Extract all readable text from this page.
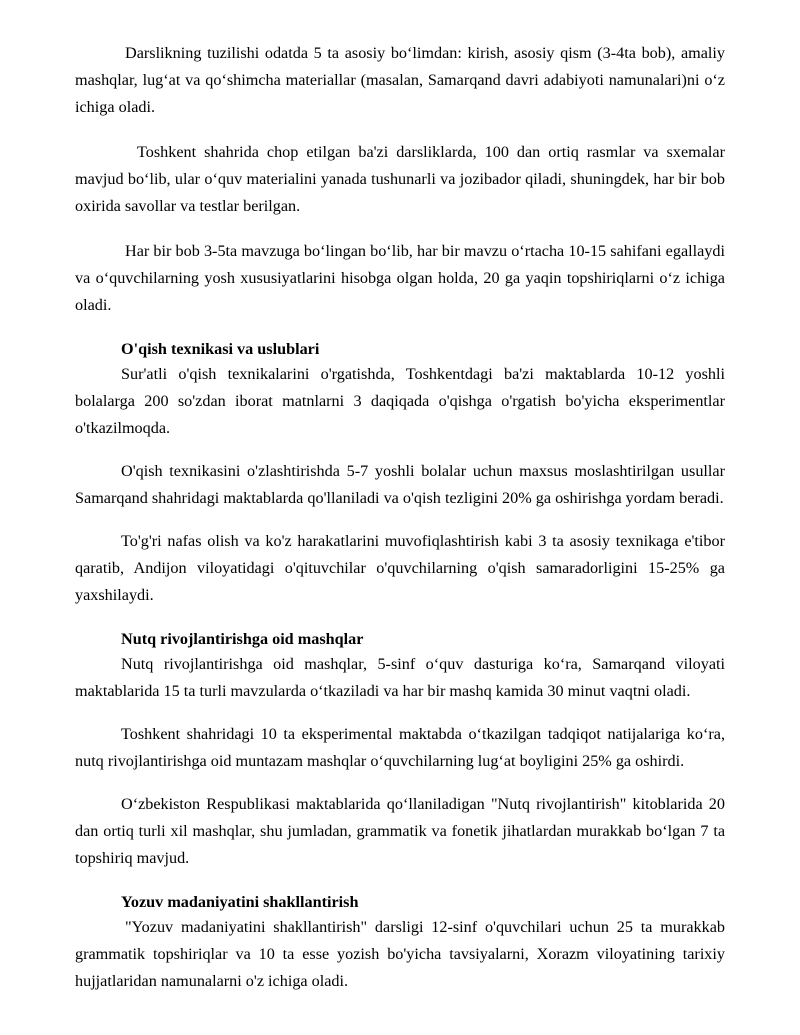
Darslikning tuzilishi odatda 5 ta asosiy bo‘limdan: kirish, asosiy qism (3-4ta bob), amaliy mashqlar, lug‘at va qo‘shimcha materiallar (masalan, Samarqand davri adabiyoti namunalari)ni o‘z ichiga oladi.

Toshkent shahrida chop etilgan ba'zi darsliklarda, 100 dan ortiq rasmlar va sxemalar mavjud bo‘lib, ular o‘quv materialini yanada tushunarli va jozibador qiladi, shuningdek, har bir bob oxirida savollar va testlar berilgan.

Har bir bob 3-5ta mavzuga bo‘lingan bo‘lib, har bir mavzu o‘rtacha 10-15 sahifani egallaydi va o‘quvchilarning yosh xususiyatlarini hisobga olgan holda, 20 ga yaqin topshiriqlarni o‘z ichiga oladi.

O'qish texnikasi va uslublari

Sur'atli o'qish texnikalarini o'rgatishda, Toshkentdagi ba'zi maktablarda 10-12 yoshli bolalarga 200 so'zdan iborat matnlarni 3 daqiqada o'qishga o'rgatish bo'yicha eksperimentlar o'tkazilmoqda.

O'qish texnikasini o'zlashtirishda 5-7 yoshli bolalar uchun maxsus moslashtirilgan usullar Samarqand shahridagi maktablarda qo'llaniladi va o'qish tezligini 20% ga oshirishga yordam beradi.

To'g'ri nafas olish va ko'z harakatlarini muvofiqlashtirish kabi 3 ta asosiy texnikaga e'tibor qaratib, Andijon viloyatidagi o'qituvchilar o'quvchilarning o'qish samaradorligini 15-25% ga yaxshilaydi.

Nutq rivojlantirishga oid mashqlar

Nutq rivojlantirishga oid mashqlar, 5-sinf o‘quv dasturiga ko‘ra, Samarqand viloyati maktablarida 15 ta turli mavzularda o‘tkaziladi va har bir mashq kamida 30 minut vaqtni oladi.

Toshkent shahridagi 10 ta eksperimental maktabda o‘tkazilgan tadqiqot natijalariga ko‘ra, nutq rivojlantirishga oid muntazam mashqlar o‘quvchilarning lug‘at boyligini 25% ga oshirdi.

O‘zbekiston Respublikasi maktablarida qo‘llaniladigan "Nutq rivojlantirish" kitoblarida 20 dan ortiq turli xil mashqlar, shu jumladan, grammatik va fonetik jihatlardan murakkab bo‘lgan 7 ta topshiriq mavjud.

Yozuv madaniyatini shakllantirish

"Yozuv madaniyatini shakllantirish" darsligi 12-sinf o'quvchilari uchun 25 ta murakkab grammatik topshiriqlar va 10 ta esse yozish bo'yicha tavsiyalarni, Xorazm viloyatining tarixiy hujjatlaridan namunalarni o'z ichiga oladi.
